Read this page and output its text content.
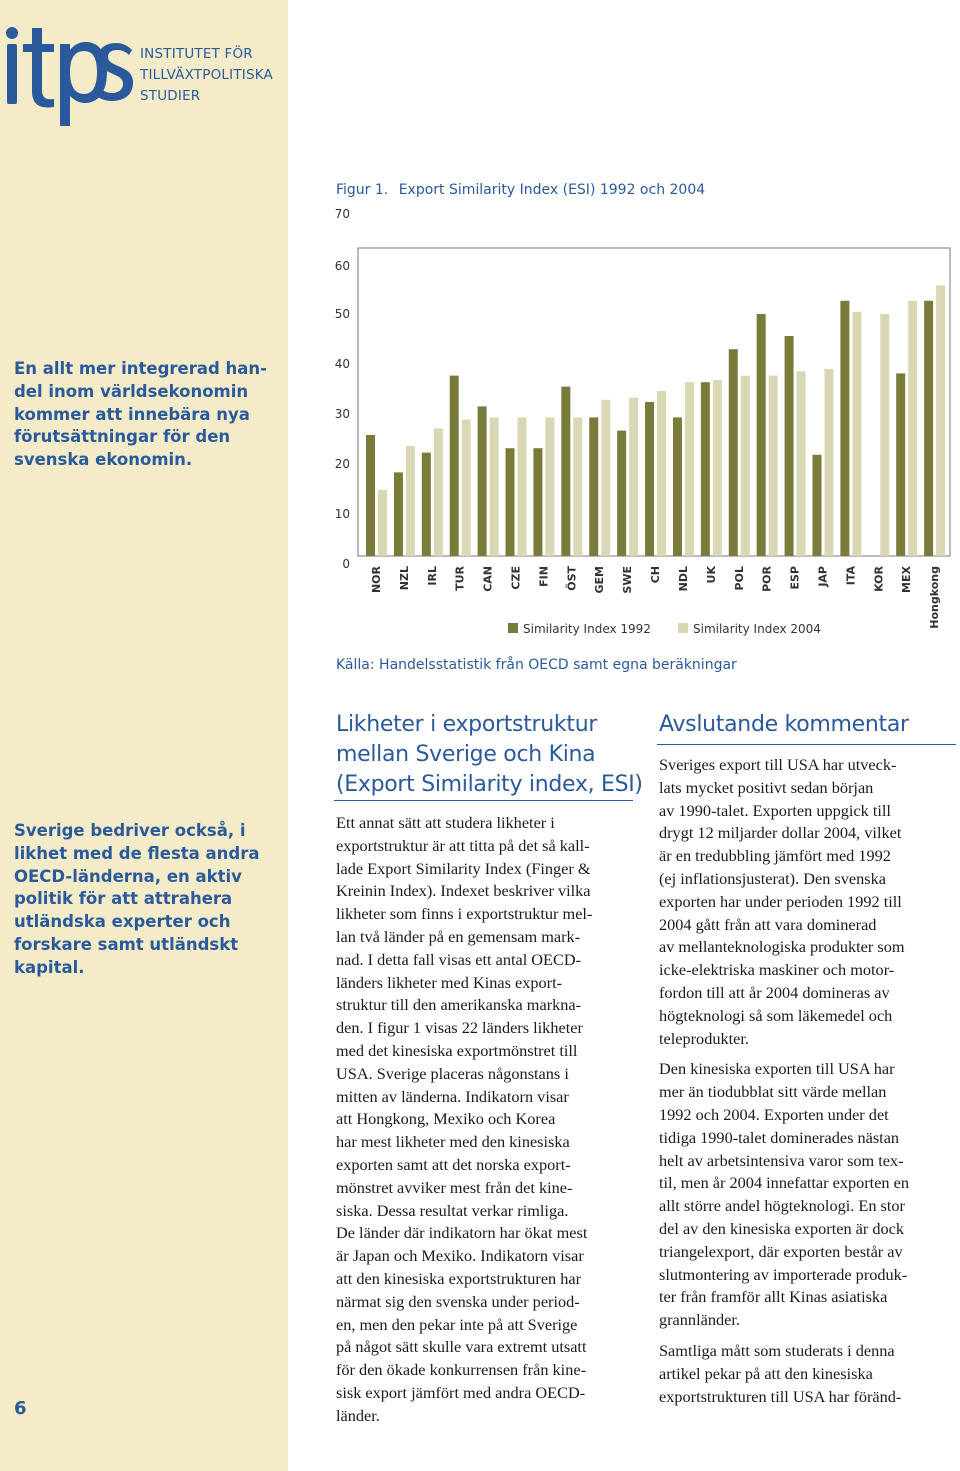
INSTITUTET FÖR
TILLVÄXTPOLITISKA
STUDIER
En allt mer integrerad han-
del inom världsekonomin
kommer att innebära nya
förutsättningar för den
svenska ekonomin.
Sverige bedriver också, i
likhet med de flesta andra
OECD-länderna, en aktiv
politik för att attrahera
utländska experter och
forskare samt utländskt
kapital.
6
Figur 1. Export Similarity Index (ESI) 1992 och 2004
70
60
50
40
30
20
10
0
NOR NZL IRL TUR CAN CZE FIN ÖST GEM SWE CH NDL UK POL POR ESP JAP ITA KOR MEX Hongkong
Similarity Index 1992	Similarity Index 2004
Källa: Handelsstatistik från OECD samt egna beräkningar
Likheter i exportstruktur
mellan Sverige och Kina
(Export Similarity index, ESI)
Ett annat sätt att studera likheter i
exportstruktur är att titta på det så kall-
lade Export Similarity Index (Finger &
Kreinin Index). Indexet beskriver vilka
likheter som finns i exportstruktur mel-
lan två länder på en gemensam mark-
nad. I detta fall visas ett antal OECD-
länders likheter med Kinas export-
struktur till den amerikanska markna-
den. I figur 1 visas 22 länders likheter
med det kinesiska exportmönstret till
USA. Sverige placeras någonstans i
mitten av länderna. Indikatorn visar
att Hongkong, Mexiko och Korea
har mest likheter med den kinesiska
exporten samt att det norska export-
mönstret avviker mest från det kine-
siska. Dessa resultat verkar rimliga.
De länder där indikatorn har ökat mest
är Japan och Mexiko. Indikatorn visar
att den kinesiska exportstrukturen har
närmat sig den svenska under period-
en, men den pekar inte på att Sverige
på något sätt skulle vara extremt utsatt
för den ökade konkurrensen från kine-
sisk export jämfört med andra OECD-
länder.
Avslutande kommentar
Sveriges export till USA har utveck-
lats mycket positivt sedan början
av 1990-talet. Exporten uppgick till
drygt 12 miljarder dollar 2004, vilket
är en tredubbling jämfört med 1992
(ej inflationsjusterat). Den svenska
exporten har under perioden 1992 till
2004 gått från att vara dominerad
av mellanteknologiska produkter som
icke-elektriska maskiner och motor-
fordon till att år 2004 domineras av
högteknologi så som läkemedel och
teleprodukter.
Den kinesiska exporten till USA har
mer än tiodubblat sitt värde mellan
1992 och 2004. Exporten under det
tidiga 1990-talet dominerades nästan
helt av arbetsintensiva varor som tex-
til, men år 2004 innefattar exporten en
allt större andel högteknologi. En stor
del av den kinesiska exporten är dock
triangelexport, där exporten består av
slutmontering av importerade produk-
ter från framför allt Kinas asiatiska
grannländer.
Samtliga mått som studerats i denna
artikel pekar på att den kinesiska
exportstrukturen till USA har föränd-
